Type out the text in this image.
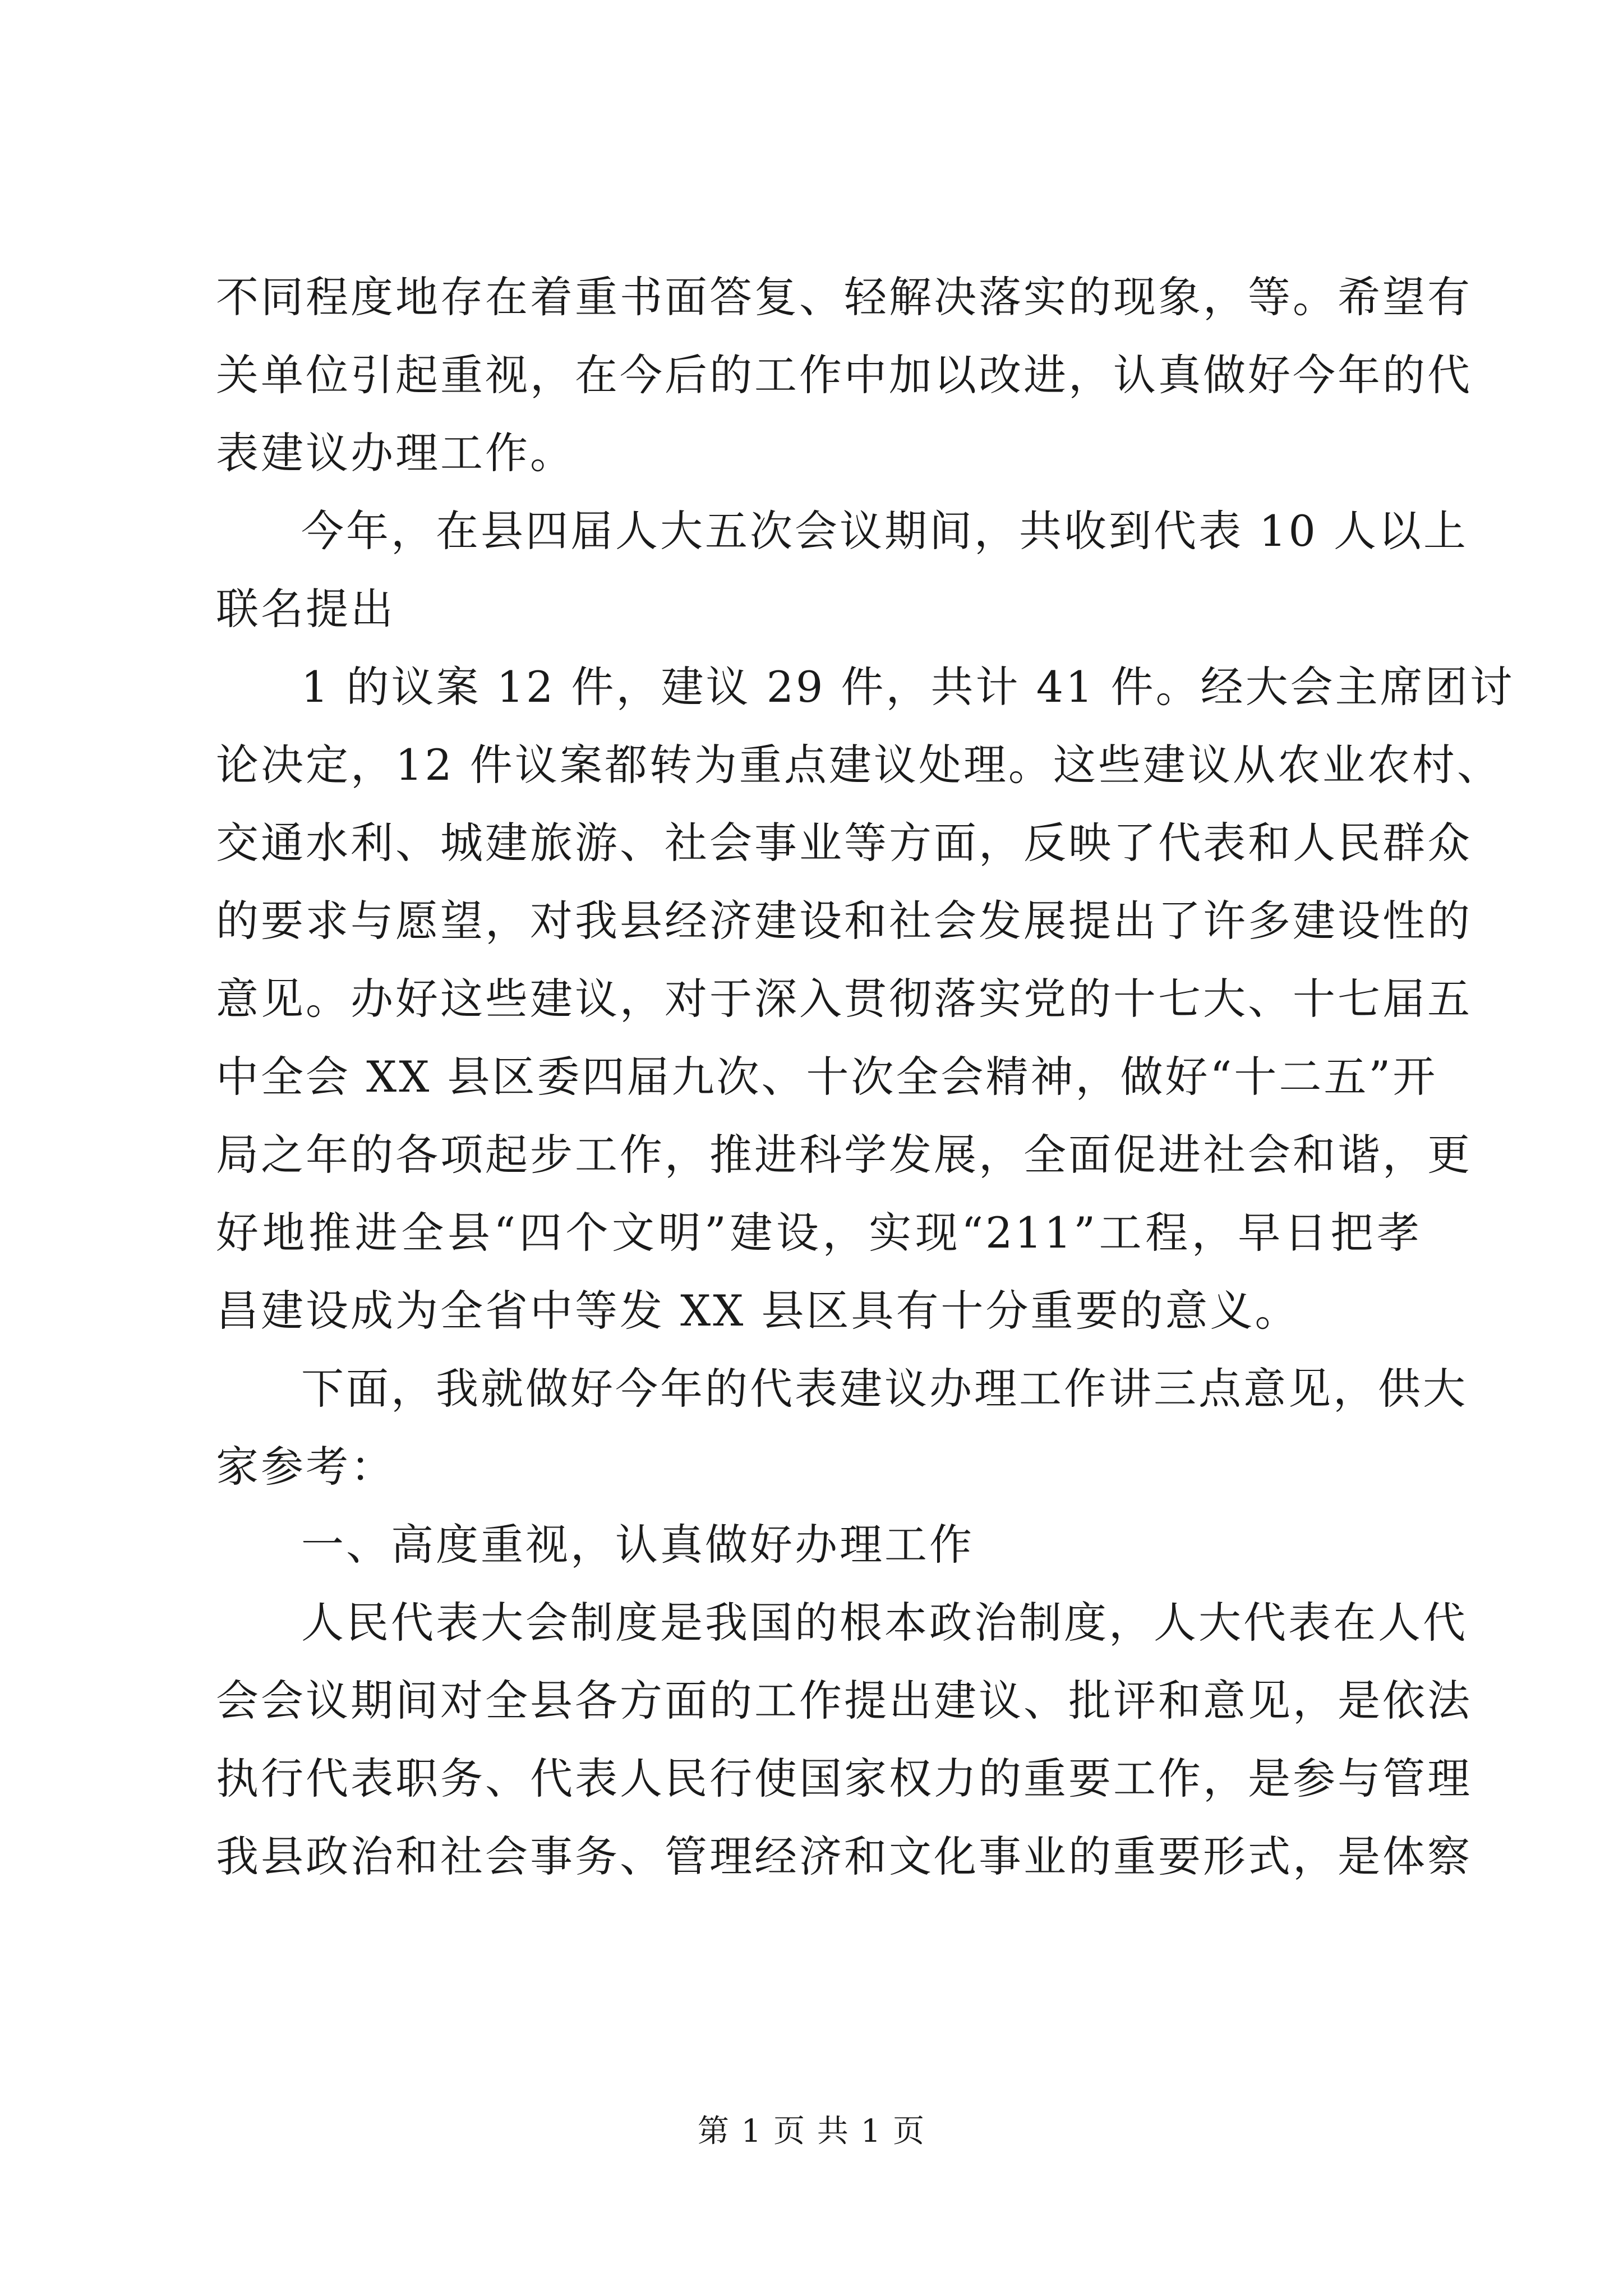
不同程度地存在着重书面答复、轻解决落实的现象，等。希望有
关单位引起重视，在今后的工作中加以改进，认真做好今年的代
表建议办理工作。
今年，在县四届人大五次会议期间，共收到代表 10 人以上
联名提出
1 的议案 12 件，建议 29 件，共计 41 件。经大会主席团讨
论决定，12 件议案都转为重点建议处理。这些建议从农业农村、
交通水利、城建旅游、社会事业等方面，反映了代表和人民群众
的要求与愿望，对我县经济建设和社会发展提出了许多建设性的
意见。办好这些建议，对于深入贯彻落实党的十七大、十七届五
中全会 XX 县区委四届九次、十次全会精神，做好“十二五”开
局之年的各项起步工作，推进科学发展，全面促进社会和谐，更
好地推进全县“四个文明”建设，实现“211”工程，早日把孝
昌建设成为全省中等发 XX 县区具有十分重要的意义。
下面，我就做好今年的代表建议办理工作讲三点意见，供大
家参考：
一、高度重视，认真做好办理工作
人民代表大会制度是我国的根本政治制度，人大代表在人代
会会议期间对全县各方面的工作提出建议、批评和意见，是依法
执行代表职务、代表人民行使国家权力的重要工作，是参与管理
我县政治和社会事务、管理经济和文化事业的重要形式，是体察
第 1 页 共 1 页
